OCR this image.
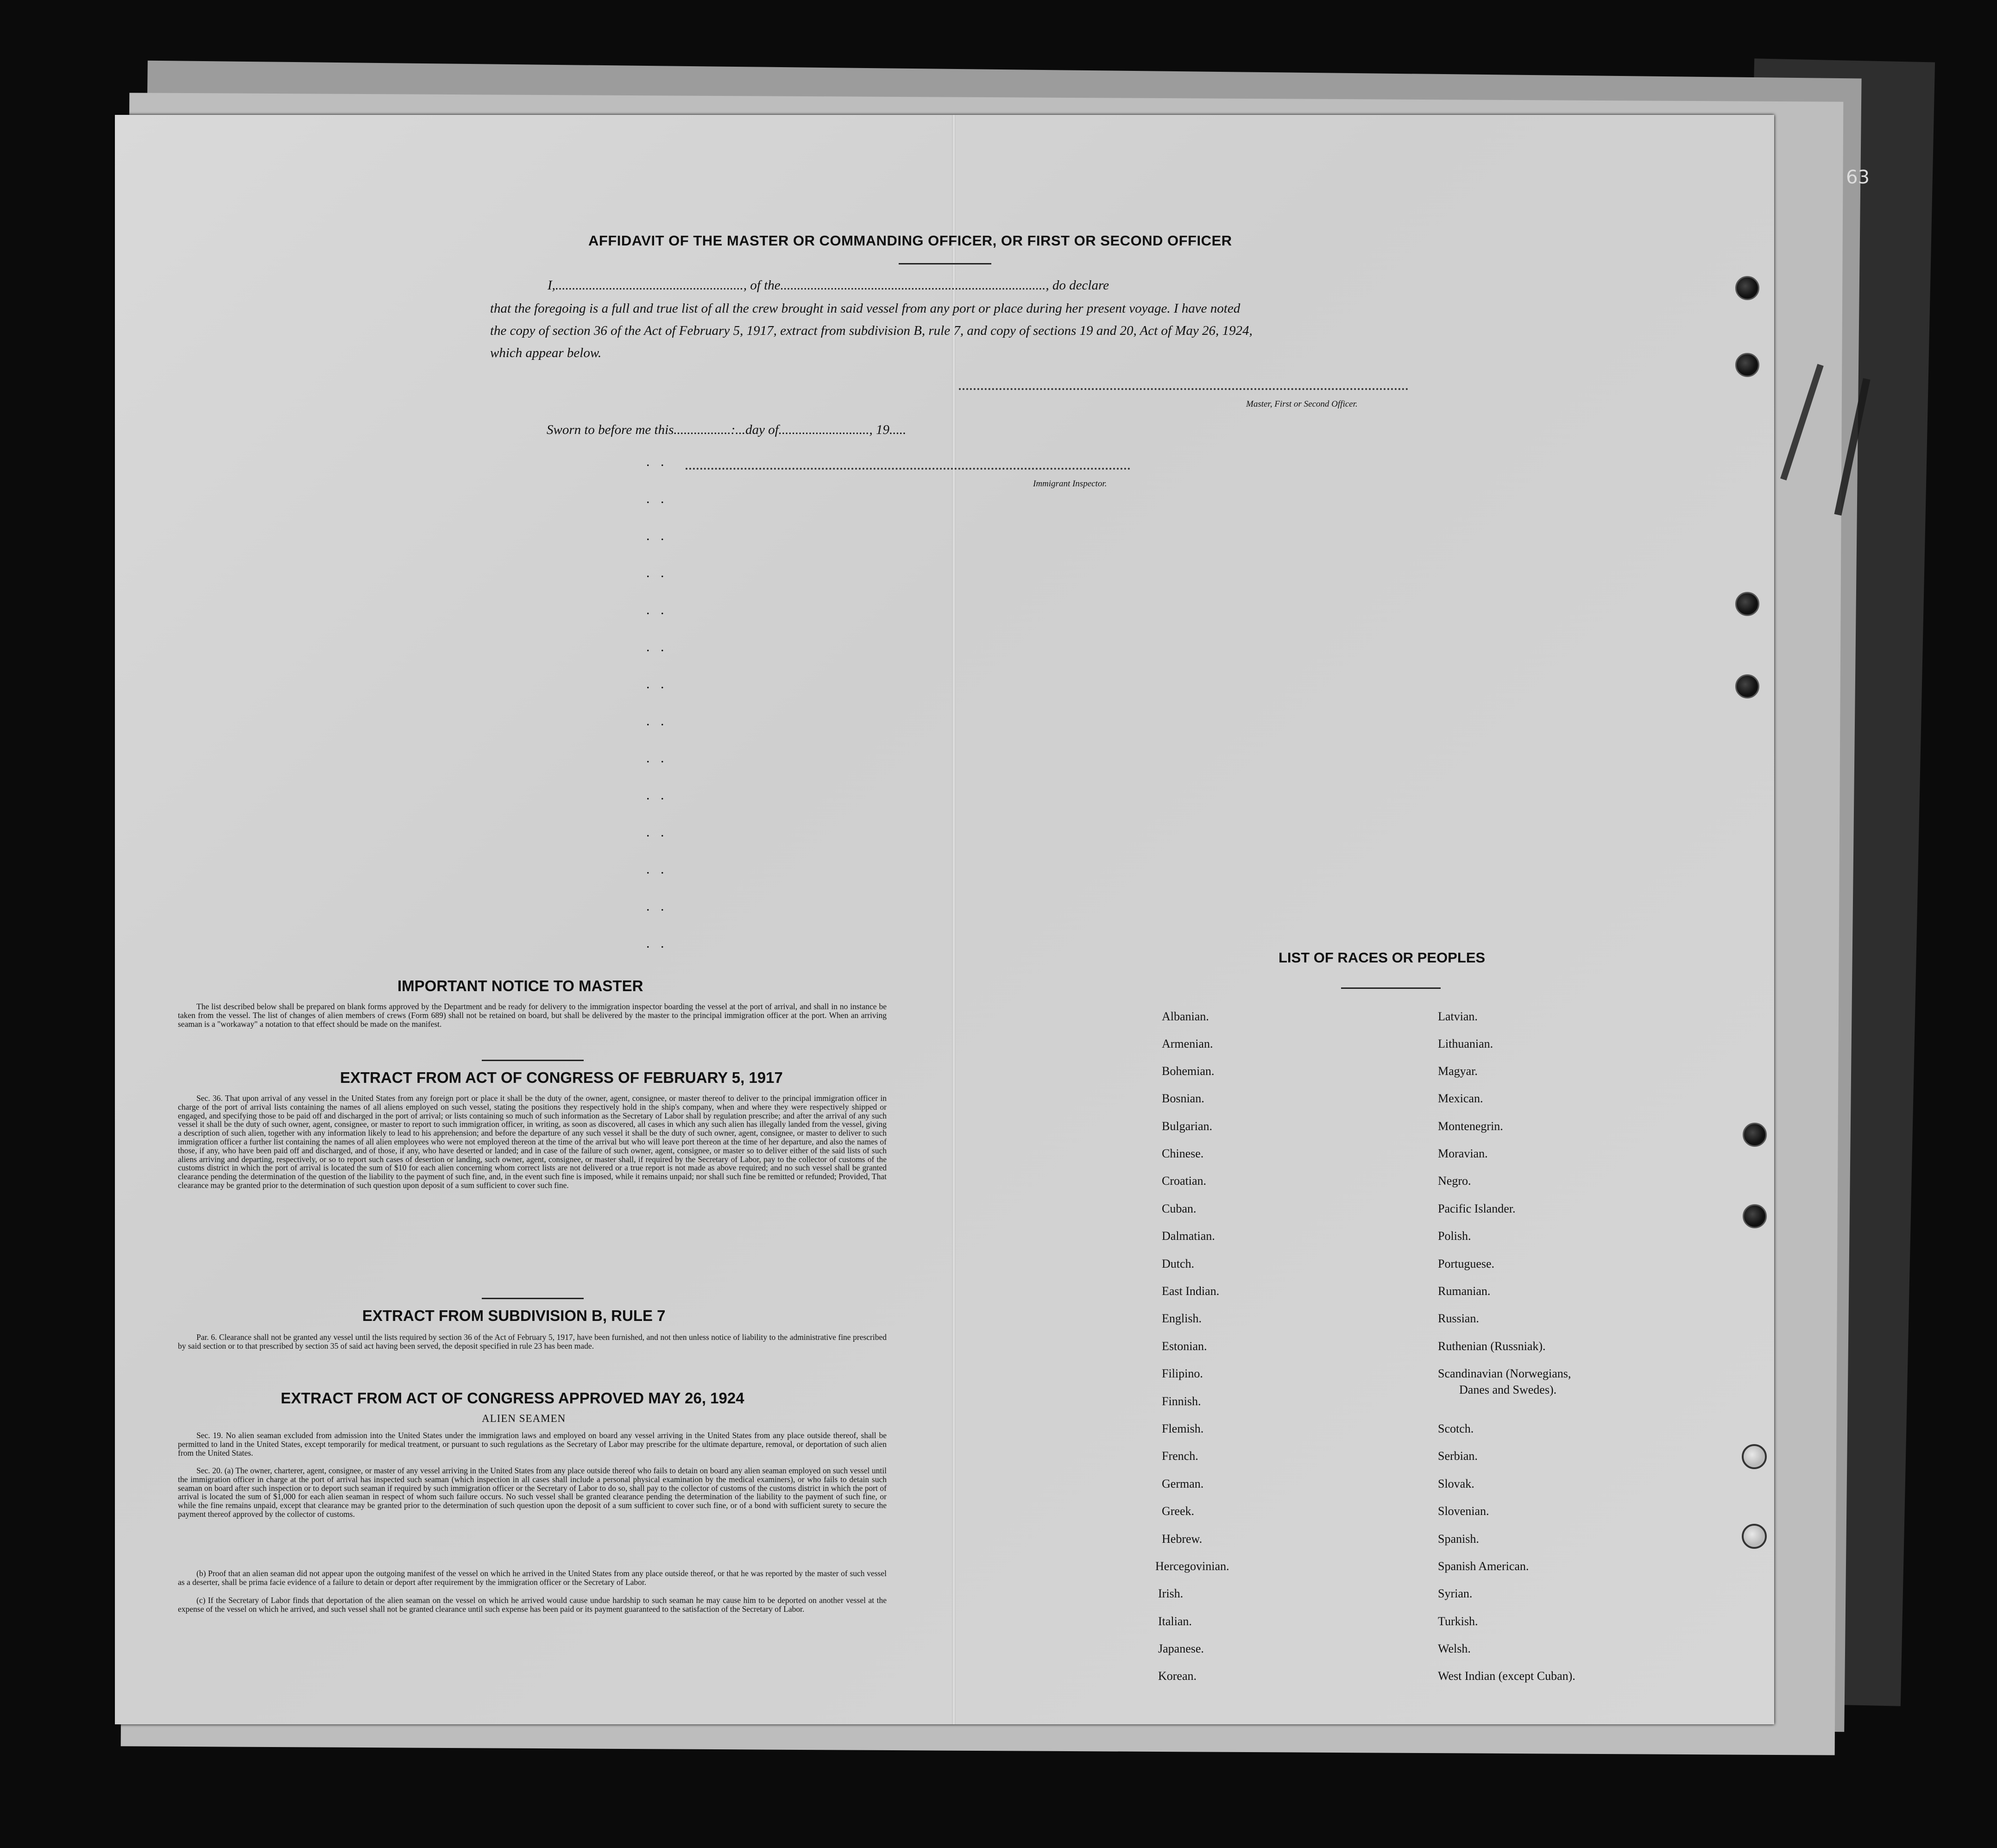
63
AFFIDAVIT OF THE MASTER OR COMMANDING OFFICER, OR FIRST OR SECOND OFFICER
I,........................................................, of the..............................................................................., do declare
that the foregoing is a full and true list of all the crew brought in said vessel from any port or place during her present voyage. I have noted
the copy of section 36 of the Act of February 5, 1917, extract from subdivision B, rule 7, and copy of sections 19 and 20, Act of May 26, 1924,
which appear below.
Master, First or Second Officer.
Sworn to before me this.................:...day of..........................., 19.....
Immigrant Inspector.
. .
. .
. .
. .
. .
. .
. .
. .
. .
. .
. .
. .
. .
. .
IMPORTANT NOTICE TO MASTER
The list described below shall be prepared on blank forms approved by the Department and be ready for delivery to the immigration inspector boarding the vessel at the port of arrival, and shall in no instance be taken from the vessel. The list of changes of alien members of crews (Form 689) shall not be retained on board, but shall be delivered by the master to the principal immigration officer at the port. When an arriving seaman is a "workaway" a notation to that effect should be made on the manifest.
EXTRACT FROM ACT OF CONGRESS OF FEBRUARY 5, 1917
Sec. 36. That upon arrival of any vessel in the United States from any foreign port or place it shall be the duty of the owner, agent, consignee, or master thereof to deliver to the principal immigration officer in charge of the port of arrival lists containing the names of all aliens employed on such vessel, stating the positions they respectively hold in the ship's company, when and where they were respectively shipped or engaged, and specifying those to be paid off and discharged in the port of arrival; or lists containing so much of such information as the Secretary of Labor shall by regulation prescribe; and after the arrival of any such vessel it shall be the duty of such owner, agent, consignee, or master to report to such immigration officer, in writing, as soon as discovered, all cases in which any such alien has illegally landed from the vessel, giving a description of such alien, together with any information likely to lead to his apprehension; and before the departure of any such vessel it shall be the duty of such owner, agent, consignee, or master to deliver to such immigration officer a further list containing the names of all alien employees who were not employed thereon at the time of the arrival but who will leave port thereon at the time of her departure, and also the names of those, if any, who have been paid off and discharged, and of those, if any, who have deserted or landed; and in case of the failure of such owner, agent, consignee, or master so to deliver either of the said lists of such aliens arriving and departing, respectively, or so to report such cases of desertion or landing, such owner, agent, consignee, or master shall, if required by the Secretary of Labor, pay to the collector of customs of the customs district in which the port of arrival is located the sum of $10 for each alien concerning whom correct lists are not delivered or a true report is not made as above required; and no such vessel shall be granted clearance pending the determination of the question of the liability to the payment of such fine, and, in the event such fine is imposed, while it remains unpaid; nor shall such fine be remitted or refunded; Provided, That clearance may be granted prior to the determination of such question upon deposit of a sum sufficient to cover such fine.
EXTRACT FROM SUBDIVISION B, RULE 7
Par. 6. Clearance shall not be granted any vessel until the lists required by section 36 of the Act of February 5, 1917, have been furnished, and not then unless notice of liability to the administrative fine prescribed by said section or to that prescribed by section 35 of said act having been served, the deposit specified in rule 23 has been made.
EXTRACT FROM ACT OF CONGRESS APPROVED MAY 26, 1924
ALIEN SEAMEN
Sec. 19. No alien seaman excluded from admission into the United States under the immigration laws and employed on board any vessel arriving in the United States from any place outside thereof, shall be permitted to land in the United States, except temporarily for medical treatment, or pursuant to such regulations as the Secretary of Labor may prescribe for the ultimate departure, removal, or deportation of such alien from the United States.
Sec. 20. (a) The owner, charterer, agent, consignee, or master of any vessel arriving in the United States from any place outside thereof who fails to detain on board any alien seaman employed on such vessel until the immigration officer in charge at the port of arrival has inspected such seaman (which inspection in all cases shall include a personal physical examination by the medical examiners), or who fails to detain such seaman on board after such inspection or to deport such seaman if required by such immigration officer or the Secretary of Labor to do so, shall pay to the collector of customs of the customs district in which the port of arrival is located the sum of $1,000 for each alien seaman in respect of whom such failure occurs. No such vessel shall be granted clearance pending the determination of the liability to the payment of such fine, or while the fine remains unpaid, except that clearance may be granted prior to the determination of such question upon the deposit of a sum sufficient to cover such fine, or of a bond with sufficient surety to secure the payment thereof approved by the collector of customs.
(b) Proof that an alien seaman did not appear upon the outgoing manifest of the vessel on which he arrived in the United States from any place outside thereof, or that he was reported by the master of such vessel as a deserter, shall be prima facie evidence of a failure to detain or deport after requirement by the immigration officer or the Secretary of Labor.
(c) If the Secretary of Labor finds that deportation of the alien seaman on the vessel on which he arrived would cause undue hardship to such seaman he may cause him to be deported on another vessel at the expense of the vessel on which he arrived, and such vessel shall not be granted clearance until such expense has been paid or its payment guaranteed to the satisfaction of the Secretary of Labor.
LIST OF RACES OR PEOPLES
Albanian.
Armenian.
Bohemian.
Bosnian.
Bulgarian.
Chinese.
Croatian.
Cuban.
Dalmatian.
Dutch.
East Indian.
English.
Estonian.
Filipino.
Finnish.
Flemish.
French.
German.
Greek.
Hebrew.
Hercegovinian.
Irish.
Italian.
Japanese.
Korean.
Latvian.
Lithuanian.
Magyar.
Mexican.
Montenegrin.
Moravian.
Negro.
Pacific Islander.
Polish.
Portuguese.
Rumanian.
Russian.
Ruthenian (Russniak).
Scandinavian (Norwegians,
Danes and Swedes).
Scotch.
Serbian.
Slovak.
Slovenian.
Spanish.
Spanish American.
Syrian.
Turkish.
Welsh.
West Indian (except Cuban).
